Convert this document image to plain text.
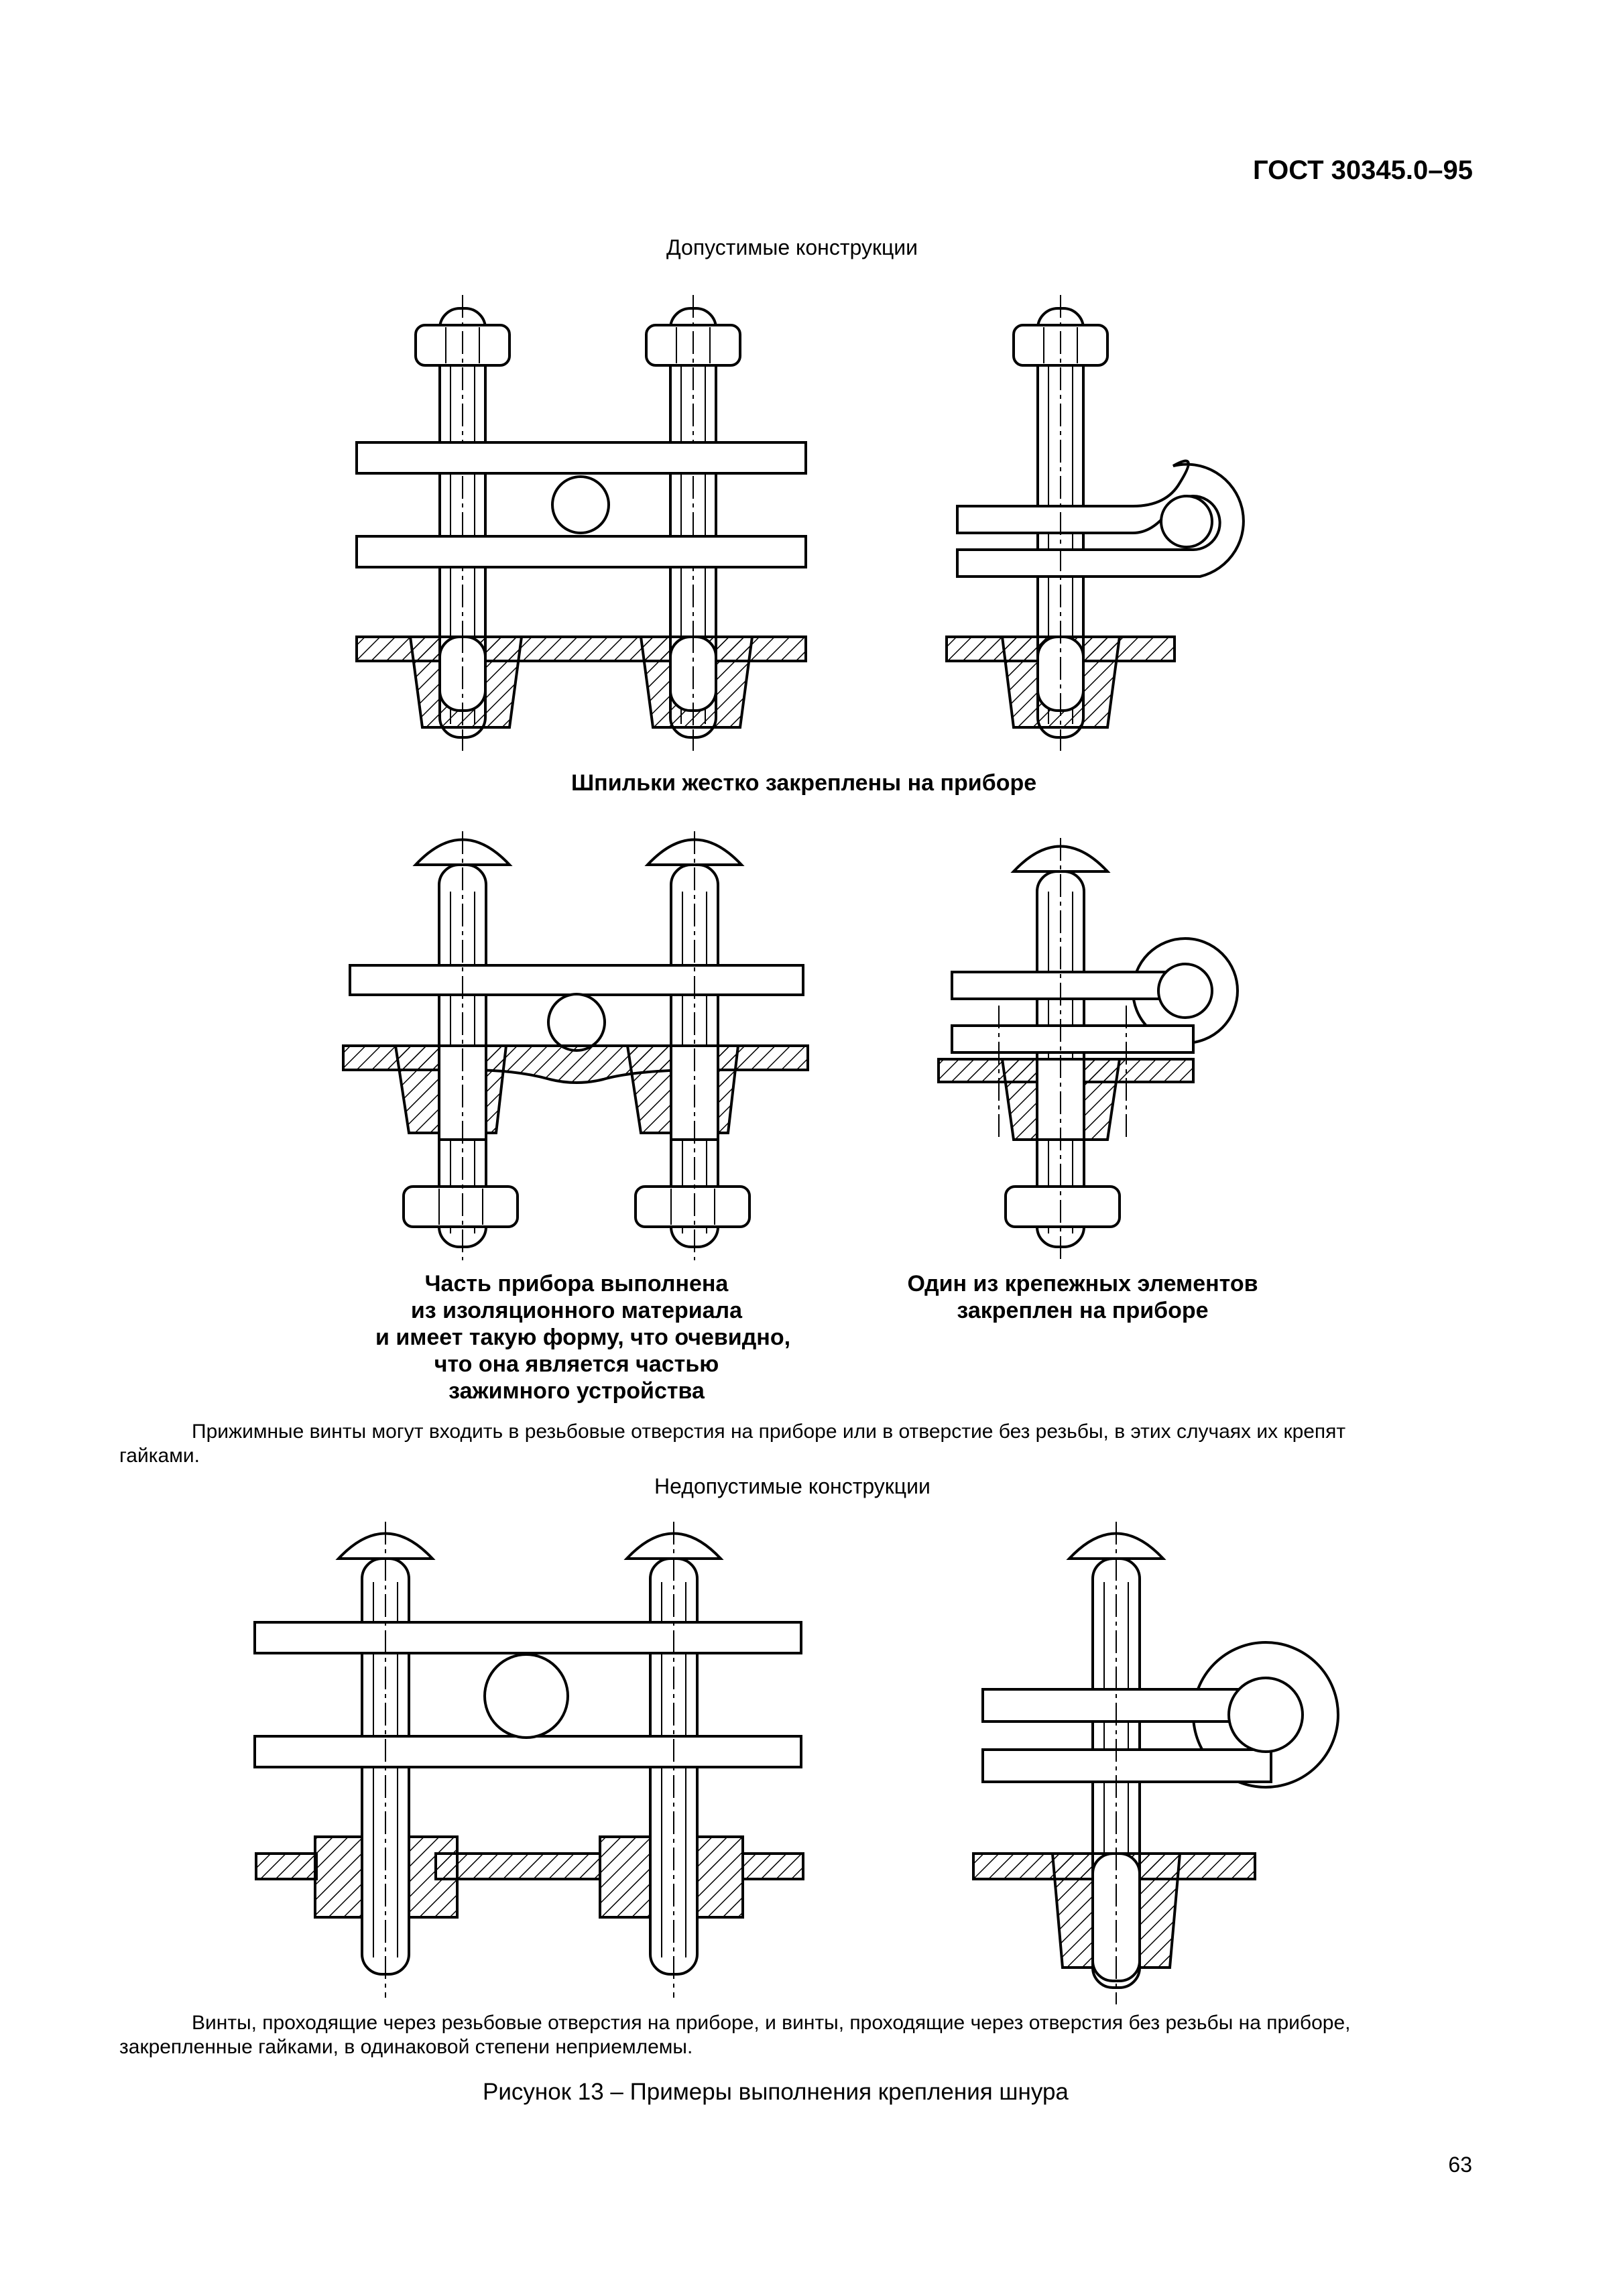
ГОСТ 30345.0–95
Допустимые конструкции
Шпильки жестко закреплены на приборе
Часть прибора выполнена
из изоляционного материала
и имеет такую форму, что очевидно,
что она является частью
зажимного устройства
Один из крепежных элементов
закреплен на приборе
Прижимные винты могут входить в резьбовые отверстия на приборе или в отверстие без резьбы, в этих случаях их крепят
гайками.
Недопустимые конструкции
Винты, проходящие через резьбовые отверстия на приборе, и винты, проходящие через отверстия без резьбы на приборе,
закрепленные гайками, в одинаковой степени неприемлемы.
Рисунок 13 – Примеры выполнения крепления шнура
63
